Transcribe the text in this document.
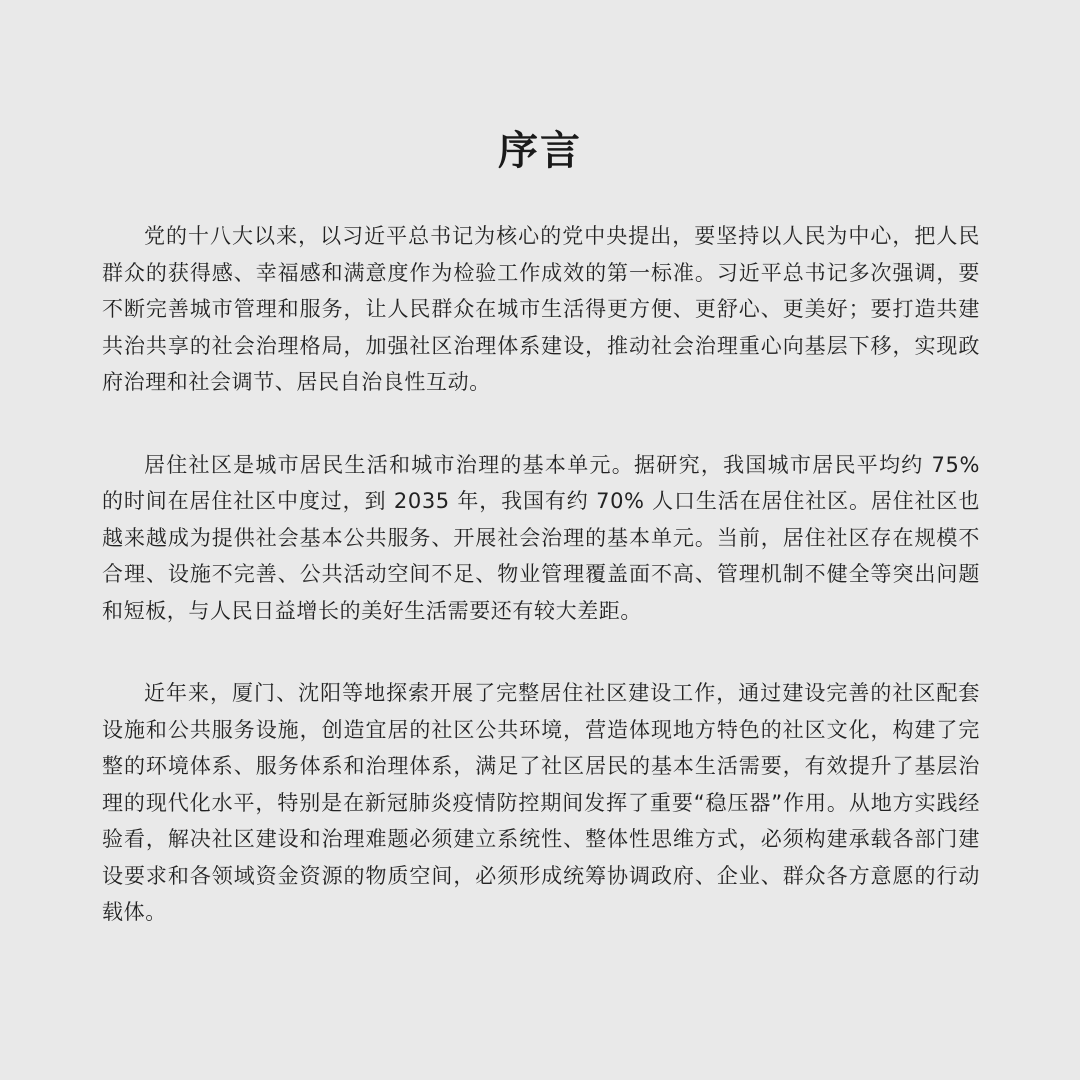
序言

党的十八大以来，以习近平总书记为核心的党中央提出，要坚持以人民为中心，把人民群众的获得感、幸福感和满意度作为检验工作成效的第一标准。习近平总书记多次强调，要不断完善城市管理和服务，让人民群众在城市生活得更方便、更舒心、更美好；要打造共建共治共享的社会治理格局，加强社区治理体系建设，推动社会治理重心向基层下移，实现政府治理和社会调节、居民自治良性互动。

居住社区是城市居民生活和城市治理的基本单元。据研究，我国城市居民平均约 75% 的时间在居住社区中度过，到 2035 年，我国有约 70% 人口生活在居住社区。居住社区也越来越成为提供社会基本公共服务、开展社会治理的基本单元。当前，居住社区存在规模不合理、设施不完善、公共活动空间不足、物业管理覆盖面不高、管理机制不健全等突出问题和短板，与人民日益增长的美好生活需要还有较大差距。

近年来，厦门、沈阳等地探索开展了完整居住社区建设工作，通过建设完善的社区配套设施和公共服务设施，创造宜居的社区公共环境，营造体现地方特色的社区文化，构建了完整的环境体系、服务体系和治理体系，满足了社区居民的基本生活需要，有效提升了基层治理的现代化水平，特别是在新冠肺炎疫情防控期间发挥了重要“稳压器”作用。从地方实践经验看，解决社区建设和治理难题必须建立系统性、整体性思维方式，必须构建承载各部门建设要求和各领域资金资源的物质空间，必须形成统筹协调政府、企业、群众各方意愿的行动载体。
